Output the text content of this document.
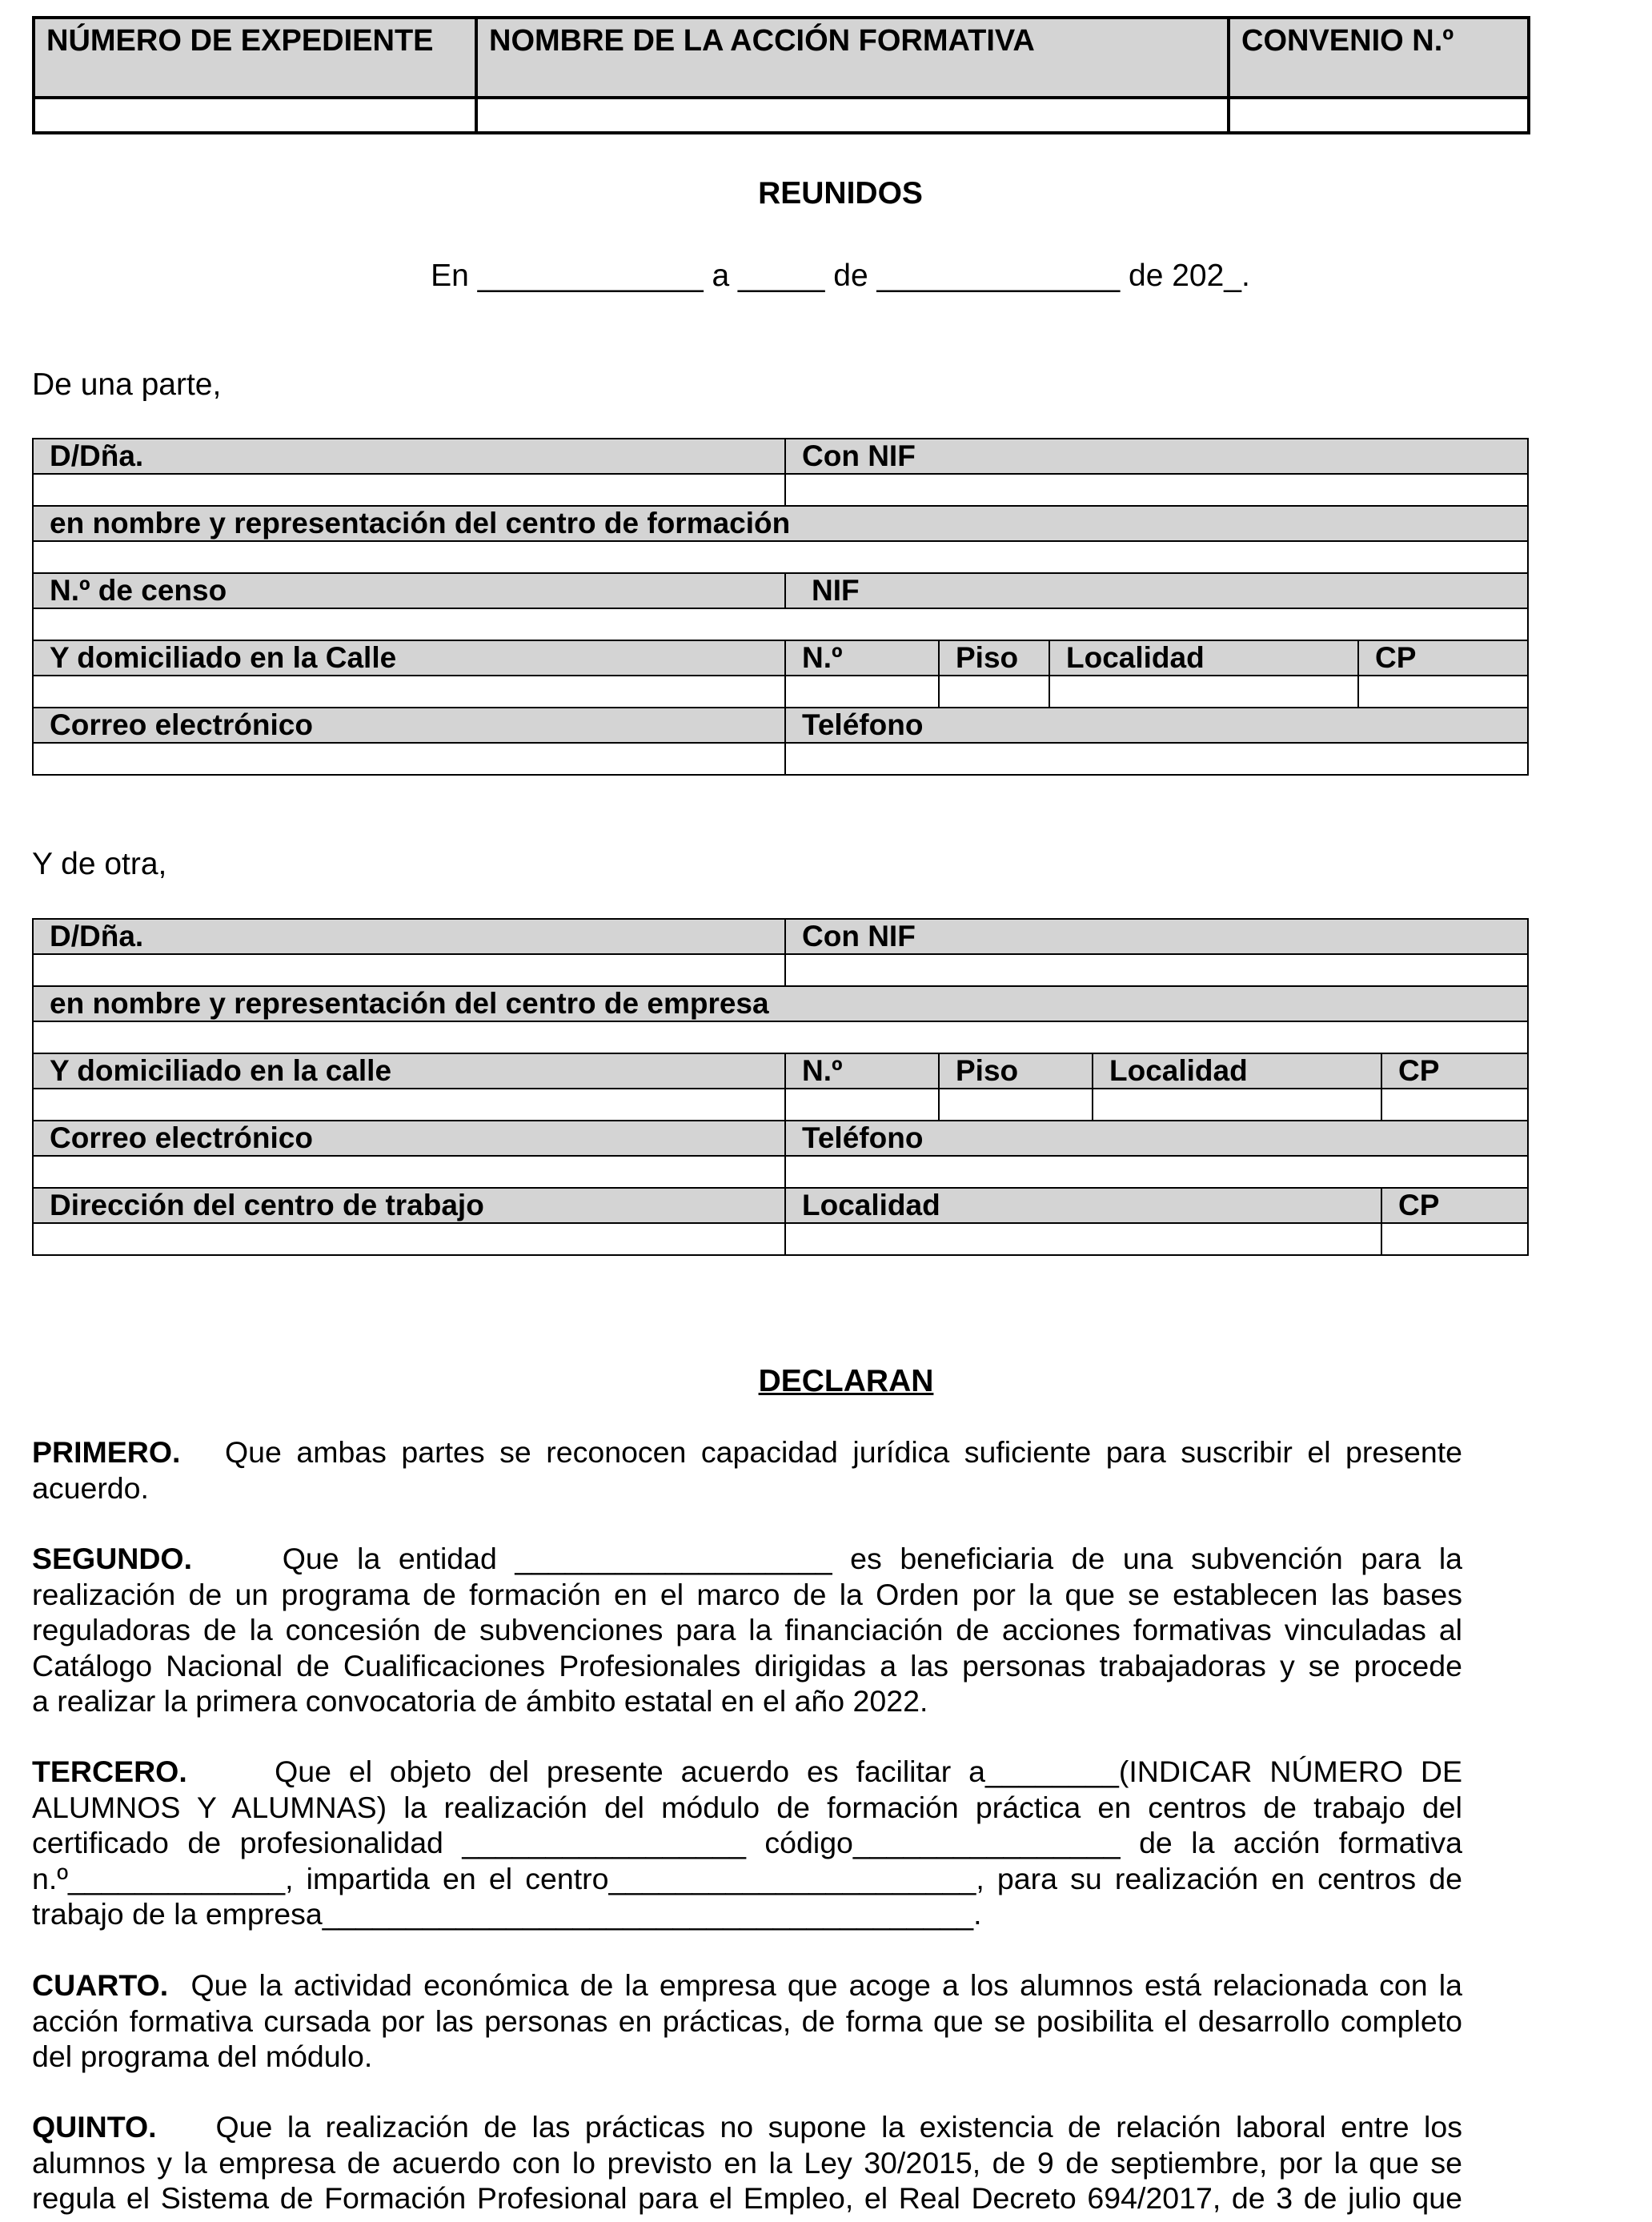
NÚMERO DE EXPEDIENTE	NOMBRE DE LA ACCIÓN FORMATIVA	CONVENIO N.º

REUNIDOS
En _____________ a _____ de ______________ de 202_.
De una parte,
D/Dña.	Con NIF			

en nombre y representación del centro de formación				

N.º de censo	NIF			

Y domiciliado en la Calle	N.º	Piso	Localidad	CP

Correo electrónico	Teléfono			

Y de otra,
D/Dña.	Con NIF			

en nombre y representación del centro de empresa				

Y domiciliado en la calle	N.º	Piso	Localidad	CP

Correo electrónico	Teléfono			

Dirección del centro de trabajo	Localidad			CP

DECLARAN
PRIMERO. Que ambas partes se reconocen capacidad jurídica suficiente para suscribir el presente
acuerdo.
SEGUNDO.	Que la entidad ___________________ es beneficiaria de una subvención para la
realización de un programa de formación en el marco de la Orden por la que se establecen las bases
reguladoras de la concesión de subvenciones para la financiación de acciones formativas vinculadas al
Catálogo Nacional de Cualificaciones Profesionales dirigidas a las personas trabajadoras y se procede
a realizar la primera convocatoria de ámbito estatal en el año 2022.
TERCERO.	Que el objeto del presente acuerdo es facilitar a________(INDICAR NÚMERO DE
ALUMNOS Y ALUMNAS) la realización del módulo de formación práctica en centros de trabajo del
certificado de profesionalidad _________________ código________________ de la acción formativa
n.º_____________, impartida en el centro______________________, para su realización en centros de
trabajo de la empresa_______________________________________.
CUARTO. Que la actividad económica de la empresa que acoge a los alumnos está relacionada con la
acción formativa cursada por las personas en prácticas, de forma que se posibilita el desarrollo completo
del programa del módulo.
QUINTO. Que la realización de las prácticas no supone la existencia de relación laboral entre los
alumnos y la empresa de acuerdo con lo previsto en la Ley 30/2015, de 9 de septiembre, por la que se
regula el Sistema de Formación Profesional para el Empleo, el Real Decreto 694/2017, de 3 de julio que
